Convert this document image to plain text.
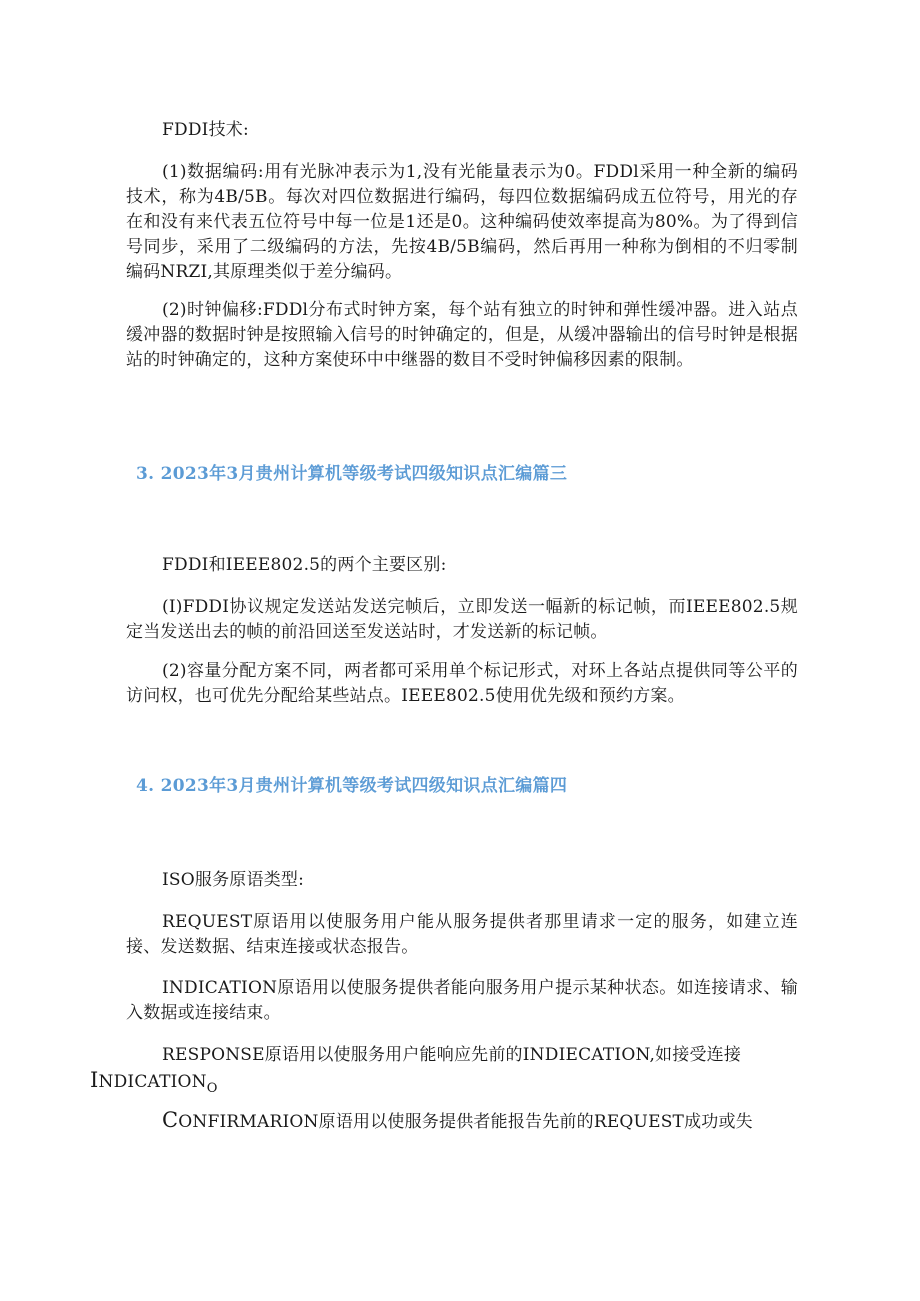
FDDI技术:

(1)数据编码:用有光脉冲表示为1,没有光能量表示为0。FDDl采用一种全新的编码技术，称为4B/5B。每次对四位数据进行编码，每四位数据编码成五位符号，用光的存在和没有来代表五位符号中每一位是1还是0。这种编码使效率提高为80%。为了得到信号同步，采用了二级编码的方法，先按4B/5B编码，然后再用一种称为倒相的不归零制编码NRZI,其原理类似于差分编码。

(2)时钟偏移:FDDl分布式时钟方案，每个站有独立的时钟和弹性缓冲器。进入站点缓冲器的数据时钟是按照输入信号的时钟确定的，但是，从缓冲器输出的信号时钟是根据站的时钟确定的，这种方案使环中中继器的数目不受时钟偏移因素的限制。

3. 2023年3月贵州计算机等级考试四级知识点汇编篇三

FDDI和IEEE802.5的两个主要区别:

(I)FDDI协议规定发送站发送完帧后，立即发送一幅新的标记帧，而IEEE802.5规定当发送出去的帧的前沿回送至发送站时，才发送新的标记帧。

(2)容量分配方案不同，两者都可采用单个标记形式，对环上各站点提供同等公平的访问权，也可优先分配给某些站点。IEEE802.5使用优先级和预约方案。

4. 2023年3月贵州计算机等级考试四级知识点汇编篇四

ISO服务原语类型:

REQUEST原语用以使服务用户能从服务提供者那里请求一定的服务，如建立连接、发送数据、结束连接或状态报告。

INDICATION原语用以使服务提供者能向服务用户提示某种状态。如连接请求、输入数据或连接结束。

RESPONSE原语用以使服务用户能响应先前的INDIECATION,如接受连接
$INDICATION_O$

CONFIRMARION原语用以使服务提供者能报告先前的REQUEST成功或失
